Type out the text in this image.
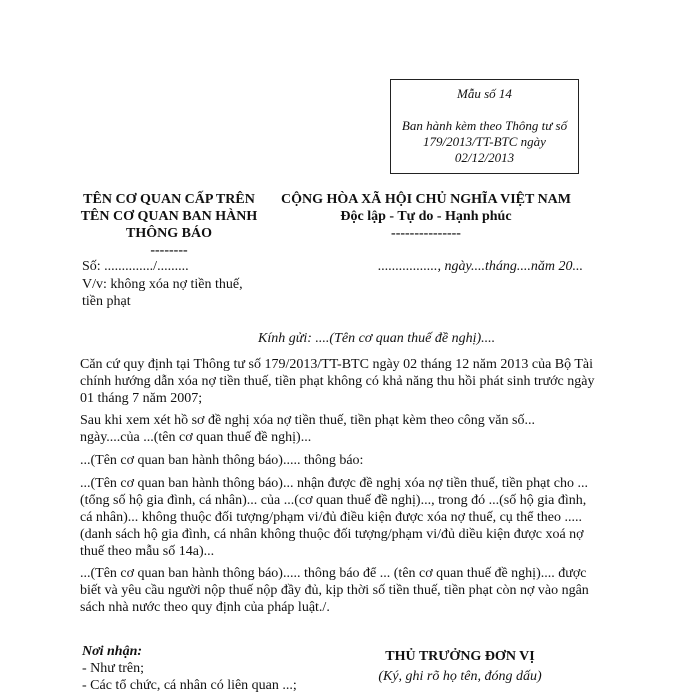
Mẫu số 14
Ban hành kèm theo Thông tư số
179/2013/TT-BTC ngày
02/12/2013
TÊN CƠ QUAN CẤP TRÊN
TÊN CƠ QUAN BAN HÀNH
THÔNG BÁO
--------
CỘNG HÒA XÃ HỘI CHỦ NGHĨA VIỆT NAM
Độc lập - Tự do - Hạnh phúc
---------------
Số: ............../.........	................., ngày....tháng....năm 20...
V/v: không xóa nợ tiền thuế,
tiền phạt
Kính gửi: ....(Tên cơ quan thuế đề nghị)....
Căn cứ quy định tại Thông tư số 179/2013/TT-BTC ngày 02 tháng 12 năm 2013 của Bộ Tài
chính hướng dẫn xóa nợ tiền thuế, tiền phạt không có khả năng thu hồi phát sinh trước ngày
01 tháng 7 năm 2007;
Sau khi xem xét hồ sơ đề nghị xóa nợ tiền thuế, tiền phạt kèm theo công văn số...
ngày....của ...(tên cơ quan thuế đề nghị)...
...(Tên cơ quan ban hành thông báo)..... thông báo:
...(Tên cơ quan ban hành thông báo)... nhận được đề nghị xóa nợ tiền thuế, tiền phạt cho ...
(tổng số hộ gia đình, cá nhân)... của ...(cơ quan thuế đề nghị)..., trong đó ...(số hộ gia đình,
cá nhân)... không thuộc đối tượng/phạm vi/đủ điều kiện được xóa nợ thuế, cụ thể theo .....
(danh sách hộ gia đình, cá nhân không thuộc đối tượng/phạm vi/đủ diều kiện được xoá nợ
thuế theo mẫu số 14a)...
...(Tên cơ quan ban hành thông báo)..... thông báo để ... (tên cơ quan thuế đề nghị).... được
biết và yêu cầu người nộp thuế nộp đầy đủ, kịp thời số tiền thuế, tiền phạt còn nợ vào ngân
sách nhà nước theo quy định của pháp luật./.
Nơi nhận:
- Như trên;
- Các tổ chức, cá nhân có liên quan ...;
THỦ TRƯỞNG ĐƠN VỊ
(Ký, ghi rõ họ tên, đóng dấu)
